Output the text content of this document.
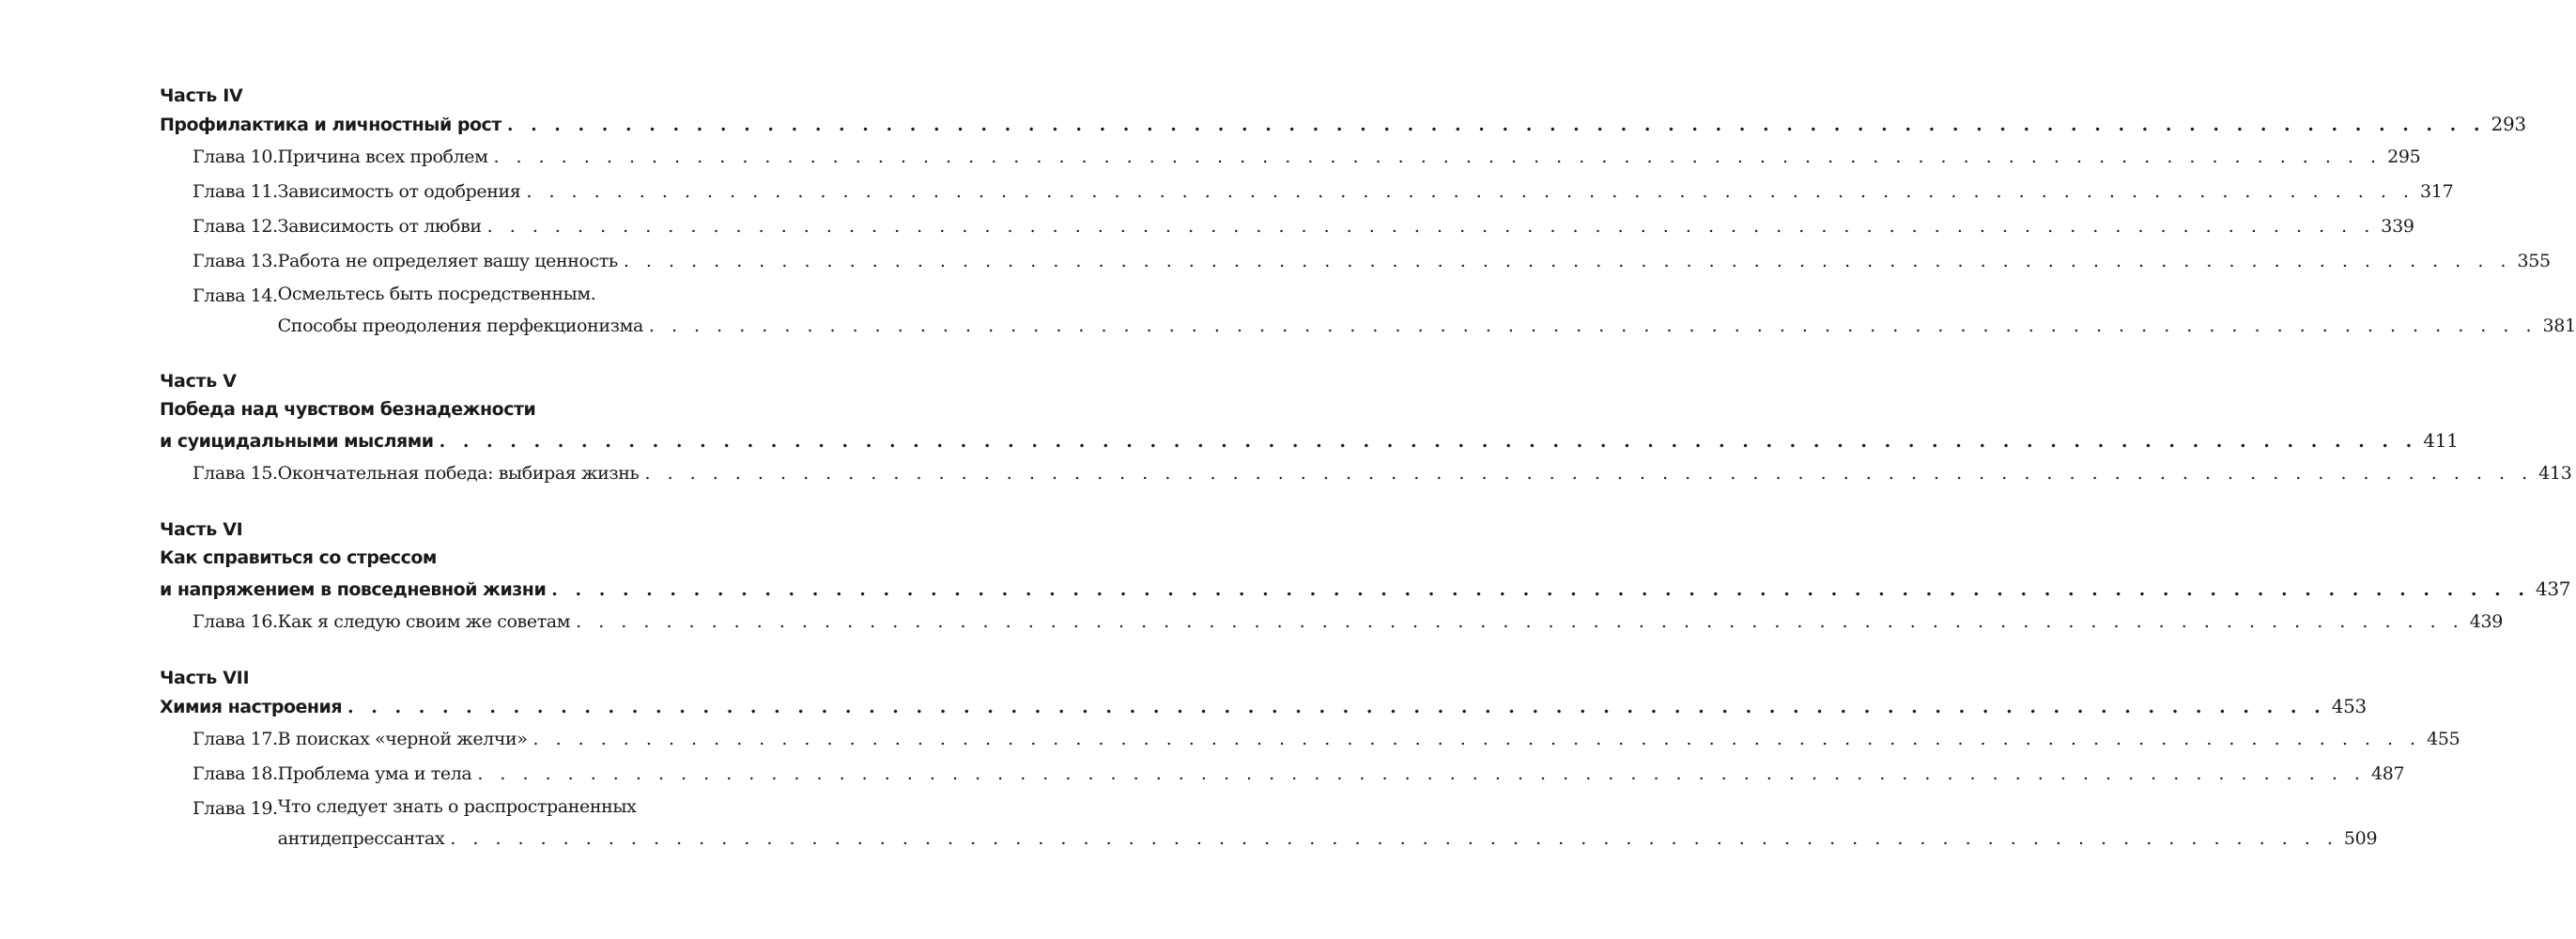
Часть IV
Профилактика и личностный рост . . .	293
Глава 10. Причина всех проблем . . .	295
Глава 11. Зависимость от одобрения . . .	317
Глава 12. Зависимость от любви . . .	339
Глава 13. Работа не определяет вашу ценность . . .	355
Глава 14. Осмельтесь быть посредственным.
Способы преодоления перфекционизма . . .	381
Часть V
Победа над чувством безнадежности
и суицидальными мыслями . . .	411
Глава 15. Окончательная победа: выбирая жизнь . . .	413
Часть VI
Как справиться со стрессом
и напряжением в повседневной жизни . . .	437
Глава 16. Как я следую своим же советам . . .	439
Часть VII
Химия настроения . . .	453
Глава 17. В поисках «черной желчи» . . .	455
Глава 18. Проблема ума и тела . . .	487
Глава 19. Что следует знать о распространенных
антидепрессантах . . .	509
